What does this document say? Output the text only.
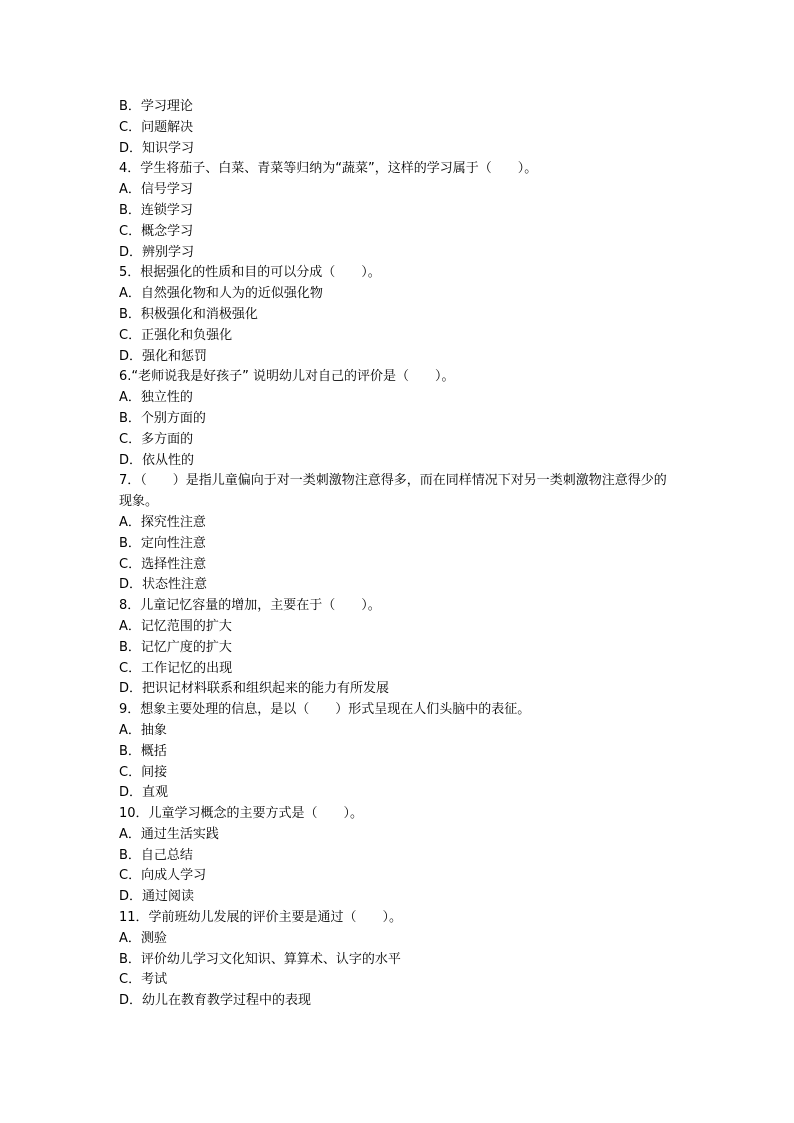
B．学习理论

C．问题解决

D．知识学习

4．学生将茄子、白菜、青菜等归纳为“蔬菜”，这样的学习属于（　　）。

A．信号学习

B．连锁学习

C．概念学习

D．辨别学习

5．根据强化的性质和目的可以分成（　　）。

A．自然强化物和人为的近似强化物

B．积极强化和消极强化

C．正强化和负强化

D．强化和惩罚

6.“老师说我是好孩子” 说明幼儿对自己的评价是（　　）。

A．独立性的

B．个别方面的

C．多方面的

D．依从性的

7．（　　）是指儿童偏向于对一类刺激物注意得多，而在同样情况下对另一类刺激物注意得少的现象。

A．探究性注意

B．定向性注意

C．选择性注意

D．状态性注意

8．儿童记忆容量的增加，主要在于（　　）。

A．记忆范围的扩大

B．记忆广度的扩大

C．工作记忆的出现

D．把识记材料联系和组织起来的能力有所发展

9．想象主要处理的信息，是以（　　）形式呈现在人们头脑中的表征。

A．抽象

B．概括

C．间接

D．直观

10．儿童学习概念的主要方式是（　　）。

A．通过生活实践

B．自己总结

C．向成人学习

D．通过阅读

11．学前班幼儿发展的评价主要是通过（　　）。

A．测验

B．评价幼儿学习文化知识、算算术、认字的水平

C．考试

D．幼儿在教育教学过程中的表现
